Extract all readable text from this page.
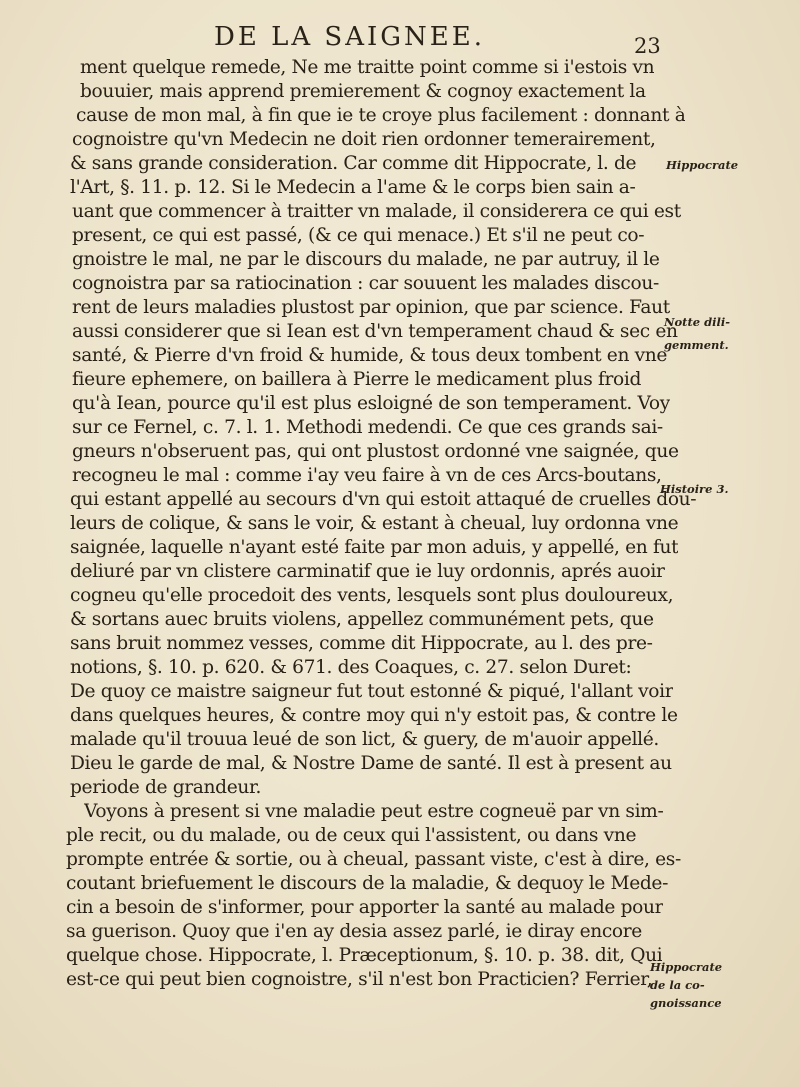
DE LA SAIGNEE.	23
ment quelque remede, Ne me traitte point comme si i'estois vn
bouuier, mais apprend premierement & cognoy exactement la
cause de mon mal, à fin que ie te croye plus facilement : donnant à
cognoistre qu'vn Medecin ne doit rien ordonner temerairement,
& sans grande consideration. Car comme dit Hippocrate, l. de
l'Art, §. 11. p. 12. Si le Medecin a l'ame & le corps bien sain a-
uant que commencer à traitter vn malade, il considerera ce qui est
present, ce qui est passé, (& ce qui menace.) Et s'il ne peut co-
gnoistre le mal, ne par le discours du malade, ne par autruy, il le
cognoistra par sa ratiocination : car souuent les malades discou-
rent de leurs maladies plustost par opinion, que par science. Faut
aussi considerer que si Iean est d'vn temperament chaud & sec en
santé, & Pierre d'vn froid & humide, & tous deux tombent en vne
fieure ephemere, on baillera à Pierre le medicament plus froid
qu'à Iean, pource qu'il est plus esloigné de son temperament. Voy
sur ce Fernel, c. 7. l. 1. Methodi medendi. Ce que ces grands sai-
gneurs n'obseruent pas, qui ont plustost ordonné vne saignée, que
recogneu le mal : comme i'ay veu faire à vn de ces Arcs-boutans,
qui estant appellé au secours d'vn qui estoit attaqué de cruelles dou-
leurs de colique, & sans le voir, & estant à cheual, luy ordonna vne
saignée, laquelle n'ayant esté faite par mon aduis, y appellé, en fut
deliuré par vn clistere carminatif que ie luy ordonnis, aprés auoir
cogneu qu'elle procedoit des vents, lesquels sont plus douloureux,
& sortans auec bruits violens, appellez communément pets, que
sans bruit nommez vesses, comme dit Hippocrate, au l. des pre-
notions, §. 10. p. 620. & 671. des Coaques, c. 27. selon Duret:
De quoy ce maistre saigneur fut tout estonné & piqué, l'allant voir
dans quelques heures, & contre moy qui n'y estoit pas, & contre le
malade qu'il trouua leué de son lict, & guery, de m'auoir appellé.
Dieu le garde de mal, & Nostre Dame de santé. Il est à present au
periode de grandeur.
Voyons à present si vne maladie peut estre cogneuë par vn sim-
ple recit, ou du malade, ou de ceux qui l'assistent, ou dans vne
prompte entrée & sortie, ou à cheual, passant viste, c'est à dire, es-
coutant briefuement le discours de la maladie, & dequoy le Mede-
cin a besoin de s'informer, pour apporter la santé au malade pour
sa guerison. Quoy que i'en ay desia assez parlé, ie diray encore
quelque chose. Hippocrate, l. Præceptionum, §. 10. p. 38. dit, Qui
est-ce qui peut bien cognoistre, s'il n'est bon Practicien? Ferrier,
Hippocrate
Notte dili-
gemment.
Histoire 3.
Hippocrate
de la co-
gnoissance
